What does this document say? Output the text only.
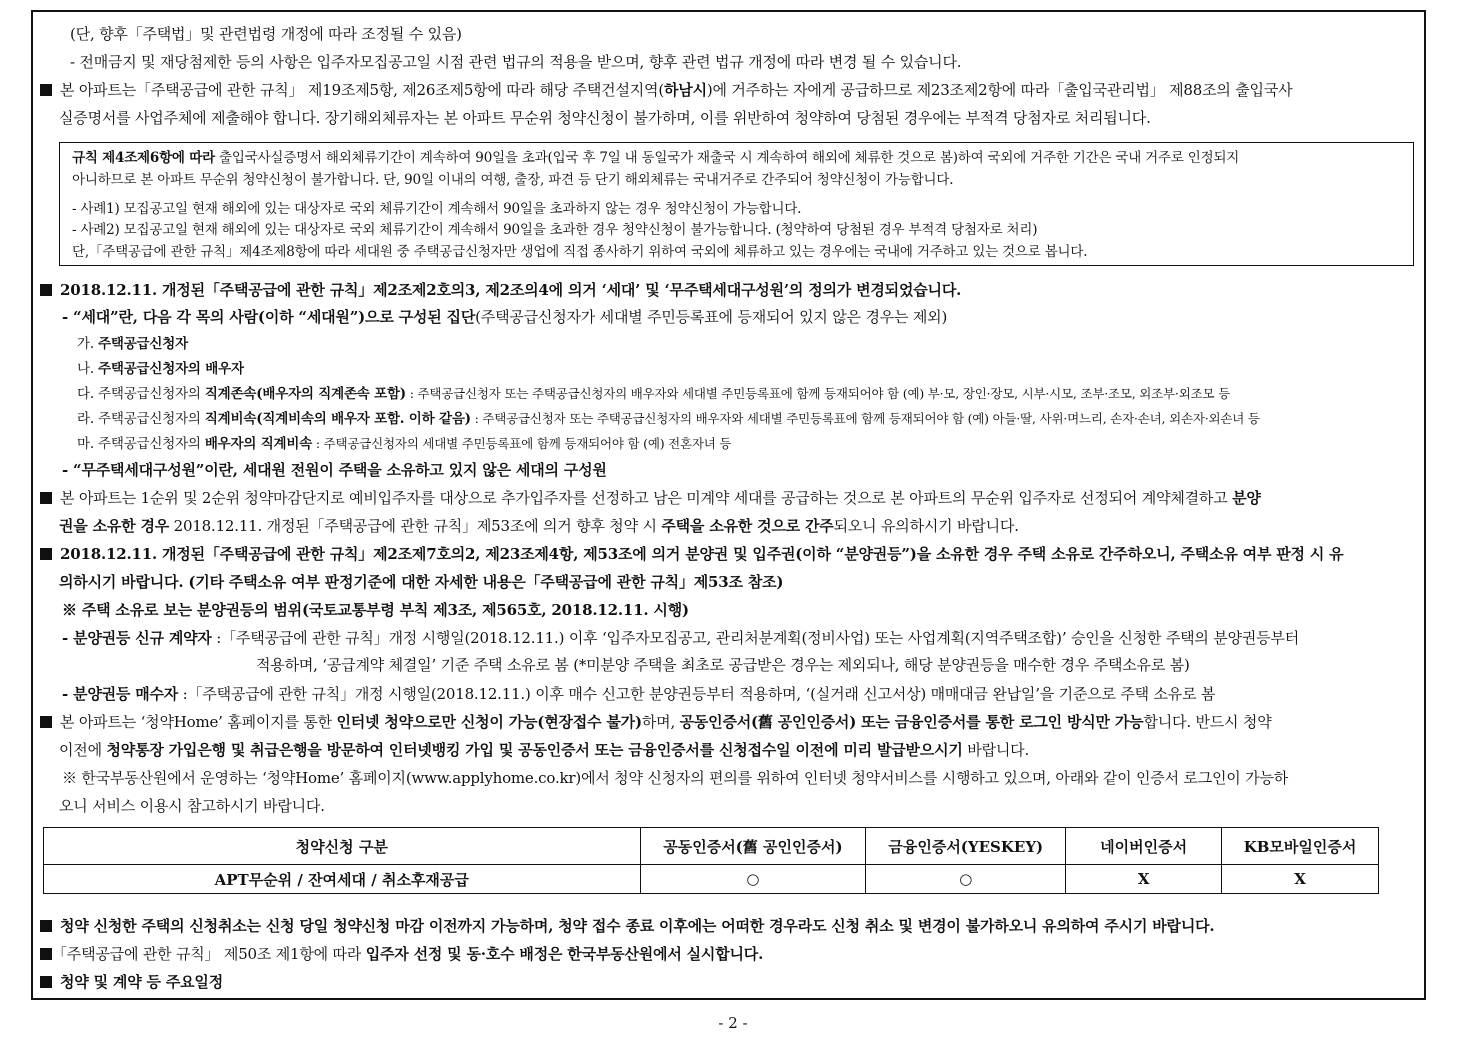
(단, 향후「주택법」및 관련법령 개정에 따라 조정될 수 있음)
- 전매금지 및 재당첨제한 등의 사항은 입주자모집공고일 시점 관련 법규의 적용을 받으며, 향후 관련 법규 개정에 따라 변경 될 수 있습니다.
본 아파트는「주택공급에 관한 규칙」 제19조제5항, 제26조제5항에 따라 해당 주택건설지역(하남시)에 거주하는 자에게 공급하므로 제23조제2항에 따라「출입국관리법」 제88조의 출입국사
실증명서를 사업주체에 제출해야 합니다. 장기해외체류자는 본 아파트 무순위 청약신청이 불가하며, 이를 위반하여 청약하여 당첨된 경우에는 부적격 당첨자로 처리됩니다.
규칙 제4조제6항에 따라 출입국사실증명서 해외체류기간이 계속하여 90일을 초과(입국 후 7일 내 동일국가 재출국 시 계속하여 해외에 체류한 것으로 봄)하여 국외에 거주한 기간은 국내 거주로 인정되지
아니하므로 본 아파트 무순위 청약신청이 불가합니다. 단, 90일 이내의 여행, 출장, 파견 등 단기 해외체류는 국내거주로 간주되어 청약신청이 가능합니다.
- 사례1) 모집공고일 현재 해외에 있는 대상자로 국외 체류기간이 계속해서 90일을 초과하지 않는 경우 청약신청이 가능합니다.
- 사례2) 모집공고일 현재 해외에 있는 대상자로 국외 체류기간이 계속해서 90일을 초과한 경우 청약신청이 불가능합니다. (청약하여 당첨된 경우 부적격 당첨자로 처리)
단,「주택공급에 관한 규칙」제4조제8항에 따라 세대원 중 주택공급신청자만 생업에 직접 종사하기 위하여 국외에 체류하고 있는 경우에는 국내에 거주하고 있는 것으로 봅니다.
2018.12.11. 개정된「주택공급에 관한 규칙」제2조제2호의3, 제2조의4에 의거 ‘세대’ 및 ‘무주택세대구성원’의 정의가 변경되었습니다.
- “세대”란, 다음 각 목의 사람(이하 “세대원”)으로 구성된 집단(주택공급신청자가 세대별 주민등록표에 등재되어 있지 않은 경우는 제외)
가. 주택공급신청자
나. 주택공급신청자의 배우자
다. 주택공급신청자의 직계존속(배우자의 직계존속 포함) : 주택공급신청자 또는 주택공급신청자의 배우자와 세대별 주민등록표에 함께 등재되어야 함 (예) 부·모, 장인·장모, 시부·시모, 조부·조모, 외조부·외조모 등
라. 주택공급신청자의 직계비속(직계비속의 배우자 포함. 이하 같음) : 주택공급신청자 또는 주택공급신청자의 배우자와 세대별 주민등록표에 함께 등재되어야 함 (예) 아들·딸, 사위·며느리, 손자·손녀, 외손자·외손녀 등
마. 주택공급신청자의 배우자의 직계비속 : 주택공급신청자의 세대별 주민등록표에 함께 등재되어야 함 (예) 전혼자녀 등
- “무주택세대구성원”이란, 세대원 전원이 주택을 소유하고 있지 않은 세대의 구성원
본 아파트는 1순위 및 2순위 청약마감단지로 예비입주자를 대상으로 추가입주자를 선정하고 남은 미계약 세대를 공급하는 것으로 본 아파트의 무순위 입주자로 선정되어 계약체결하고 분양
권을 소유한 경우 2018.12.11. 개정된「주택공급에 관한 규칙」제53조에 의거 향후 청약 시 주택을 소유한 것으로 간주되오니 유의하시기 바랍니다.
2018.12.11. 개정된「주택공급에 관한 규칙」제2조제7호의2, 제23조제4항, 제53조에 의거 분양권 및 입주권(이하 “분양권등”)을 소유한 경우 주택 소유로 간주하오니, 주택소유 여부 판정 시 유
의하시기 바랍니다. (기타 주택소유 여부 판정기준에 대한 자세한 내용은「주택공급에 관한 규칙」제53조 참조)
※ 주택 소유로 보는 분양권등의 범위(국토교통부령 부칙 제3조, 제565호, 2018.12.11. 시행)
- 분양권등 신규 계약자 :「주택공급에 관한 규칙」개정 시행일(2018.12.11.) 이후 ‘입주자모집공고, 관리처분계획(정비사업) 또는 사업계획(지역주택조합)’ 승인을 신청한 주택의 분양권등부터
적용하며, ‘공급계약 체결일’ 기준 주택 소유로 봄 (*미분양 주택을 최초로 공급받은 경우는 제외되나, 해당 분양권등을 매수한 경우 주택소유로 봄)
- 분양권등 매수자 :「주택공급에 관한 규칙」개정 시행일(2018.12.11.) 이후 매수 신고한 분양권등부터 적용하며, ‘(실거래 신고서상) 매매대금 완납일’을 기준으로 주택 소유로 봄
본 아파트는 ‘청약Home’ 홈페이지를 통한 인터넷 청약으로만 신청이 가능(현장접수 불가)하며, 공동인증서(舊 공인인증서) 또는 금융인증서를 통한 로그인 방식만 가능합니다. 반드시 청약
이전에 청약통장 가입은행 및 취급은행을 방문하여 인터넷뱅킹 가입 및 공동인증서 또는 금융인증서를 신청접수일 이전에 미리 발급받으시기 바랍니다.
※ 한국부동산원에서 운영하는 ‘청약Home’ 홈페이지(www.applyhome.co.kr)에서 청약 신청자의 편의를 위하여 인터넷 청약서비스를 시행하고 있으며, 아래와 같이 인증서 로그인이 가능하
오니 서비스 이용시 참고하시기 바랍니다.
청약신청 구분	공동인증서(舊 공인인증서)	금융인증서(YESKEY)	네이버인증서	KB모바일인증서
APT무순위 / 잔여세대 / 취소후재공급	○	○	X	X
청약 신청한 주택의 신청취소는 신청 당일 청약신청 마감 이전까지 가능하며, 청약 접수 종료 이후에는 어떠한 경우라도 신청 취소 및 변경이 불가하오니 유의하여 주시기 바랍니다.
「주택공급에 관한 규칙」 제50조 제1항에 따라 입주자 선정 및 동·호수 배정은 한국부동산원에서 실시합니다.
청약 및 계약 등 주요일정
- 2 -
